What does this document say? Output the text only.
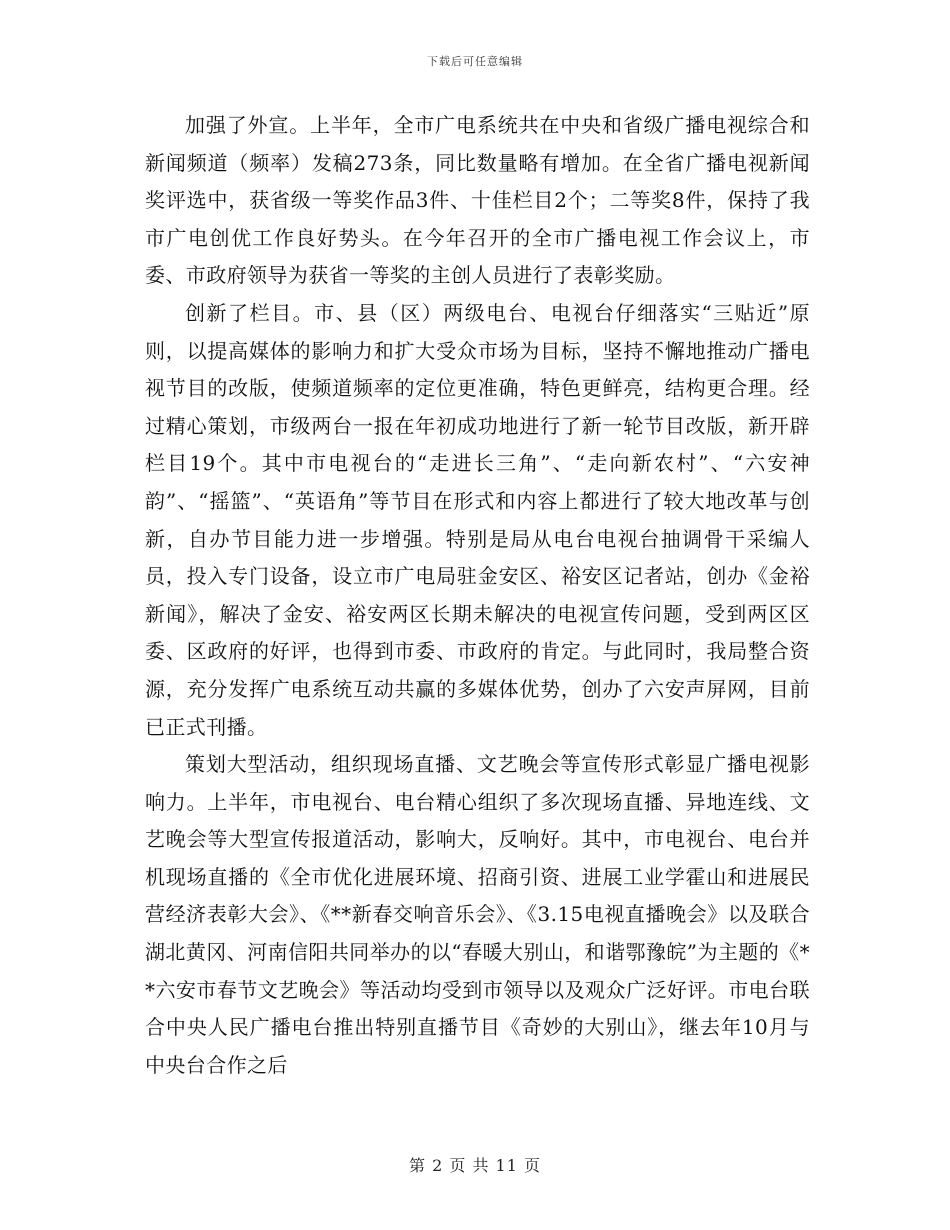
下载后可任意编辑

加强了外宣。上半年，全市广电系统共在中央和省级广播电视综合和新闻频道（频率）发稿273条，同比数量略有增加。在全省广播电视新闻奖评选中，获省级一等奖作品3件、十佳栏目2个；二等奖8件，保持了我市广电创优工作良好势头。在今年召开的全市广播电视工作会议上，市委、市政府领导为获省一等奖的主创人员进行了表彰奖励。

创新了栏目。市、县（区）两级电台、电视台仔细落实“三贴近”原则，以提高媒体的影响力和扩大受众市场为目标，坚持不懈地推动广播电视节目的改版，使频道频率的定位更准确，特色更鲜亮，结构更合理。经过精心策划，市级两台一报在年初成功地进行了新一轮节目改版，新开辟栏目19个。其中市电视台的“走进长三角”、“走向新农村”、“六安神韵”、“摇篮”、“英语角”等节目在形式和内容上都进行了较大地改革与创新，自办节目能力进一步增强。特别是局从电台电视台抽调骨干采编人员，投入专门设备，设立市广电局驻金安区、裕安区记者站，创办《金裕新闻》，解决了金安、裕安两区长期未解决的电视宣传问题，受到两区区委、区政府的好评，也得到市委、市政府的肯定。与此同时，我局整合资源，充分发挥广电系统互动共赢的多媒体优势，创办了六安声屏网，目前已正式刊播。

策划大型活动，组织现场直播、文艺晚会等宣传形式彰显广播电视影响力。上半年，市电视台、电台精心组织了多次现场直播、异地连线、文艺晚会等大型宣传报道活动，影响大，反响好。其中，市电视台、电台并机现场直播的《全市优化进展环境、招商引资、进展工业学霍山和进展民营经济表彰大会》、《**新春交响音乐会》、《3.15电视直播晚会》以及联合湖北黄冈、河南信阳共同举办的以“春暖大别山，和谐鄂豫皖”为主题的《**六安市春节文艺晚会》等活动均受到市领导以及观众广泛好评。市电台联合中央人民广播电台推出特别直播节目《奇妙的大别山》，继去年10月与中央台合作之后

第 2 页 共 11 页
